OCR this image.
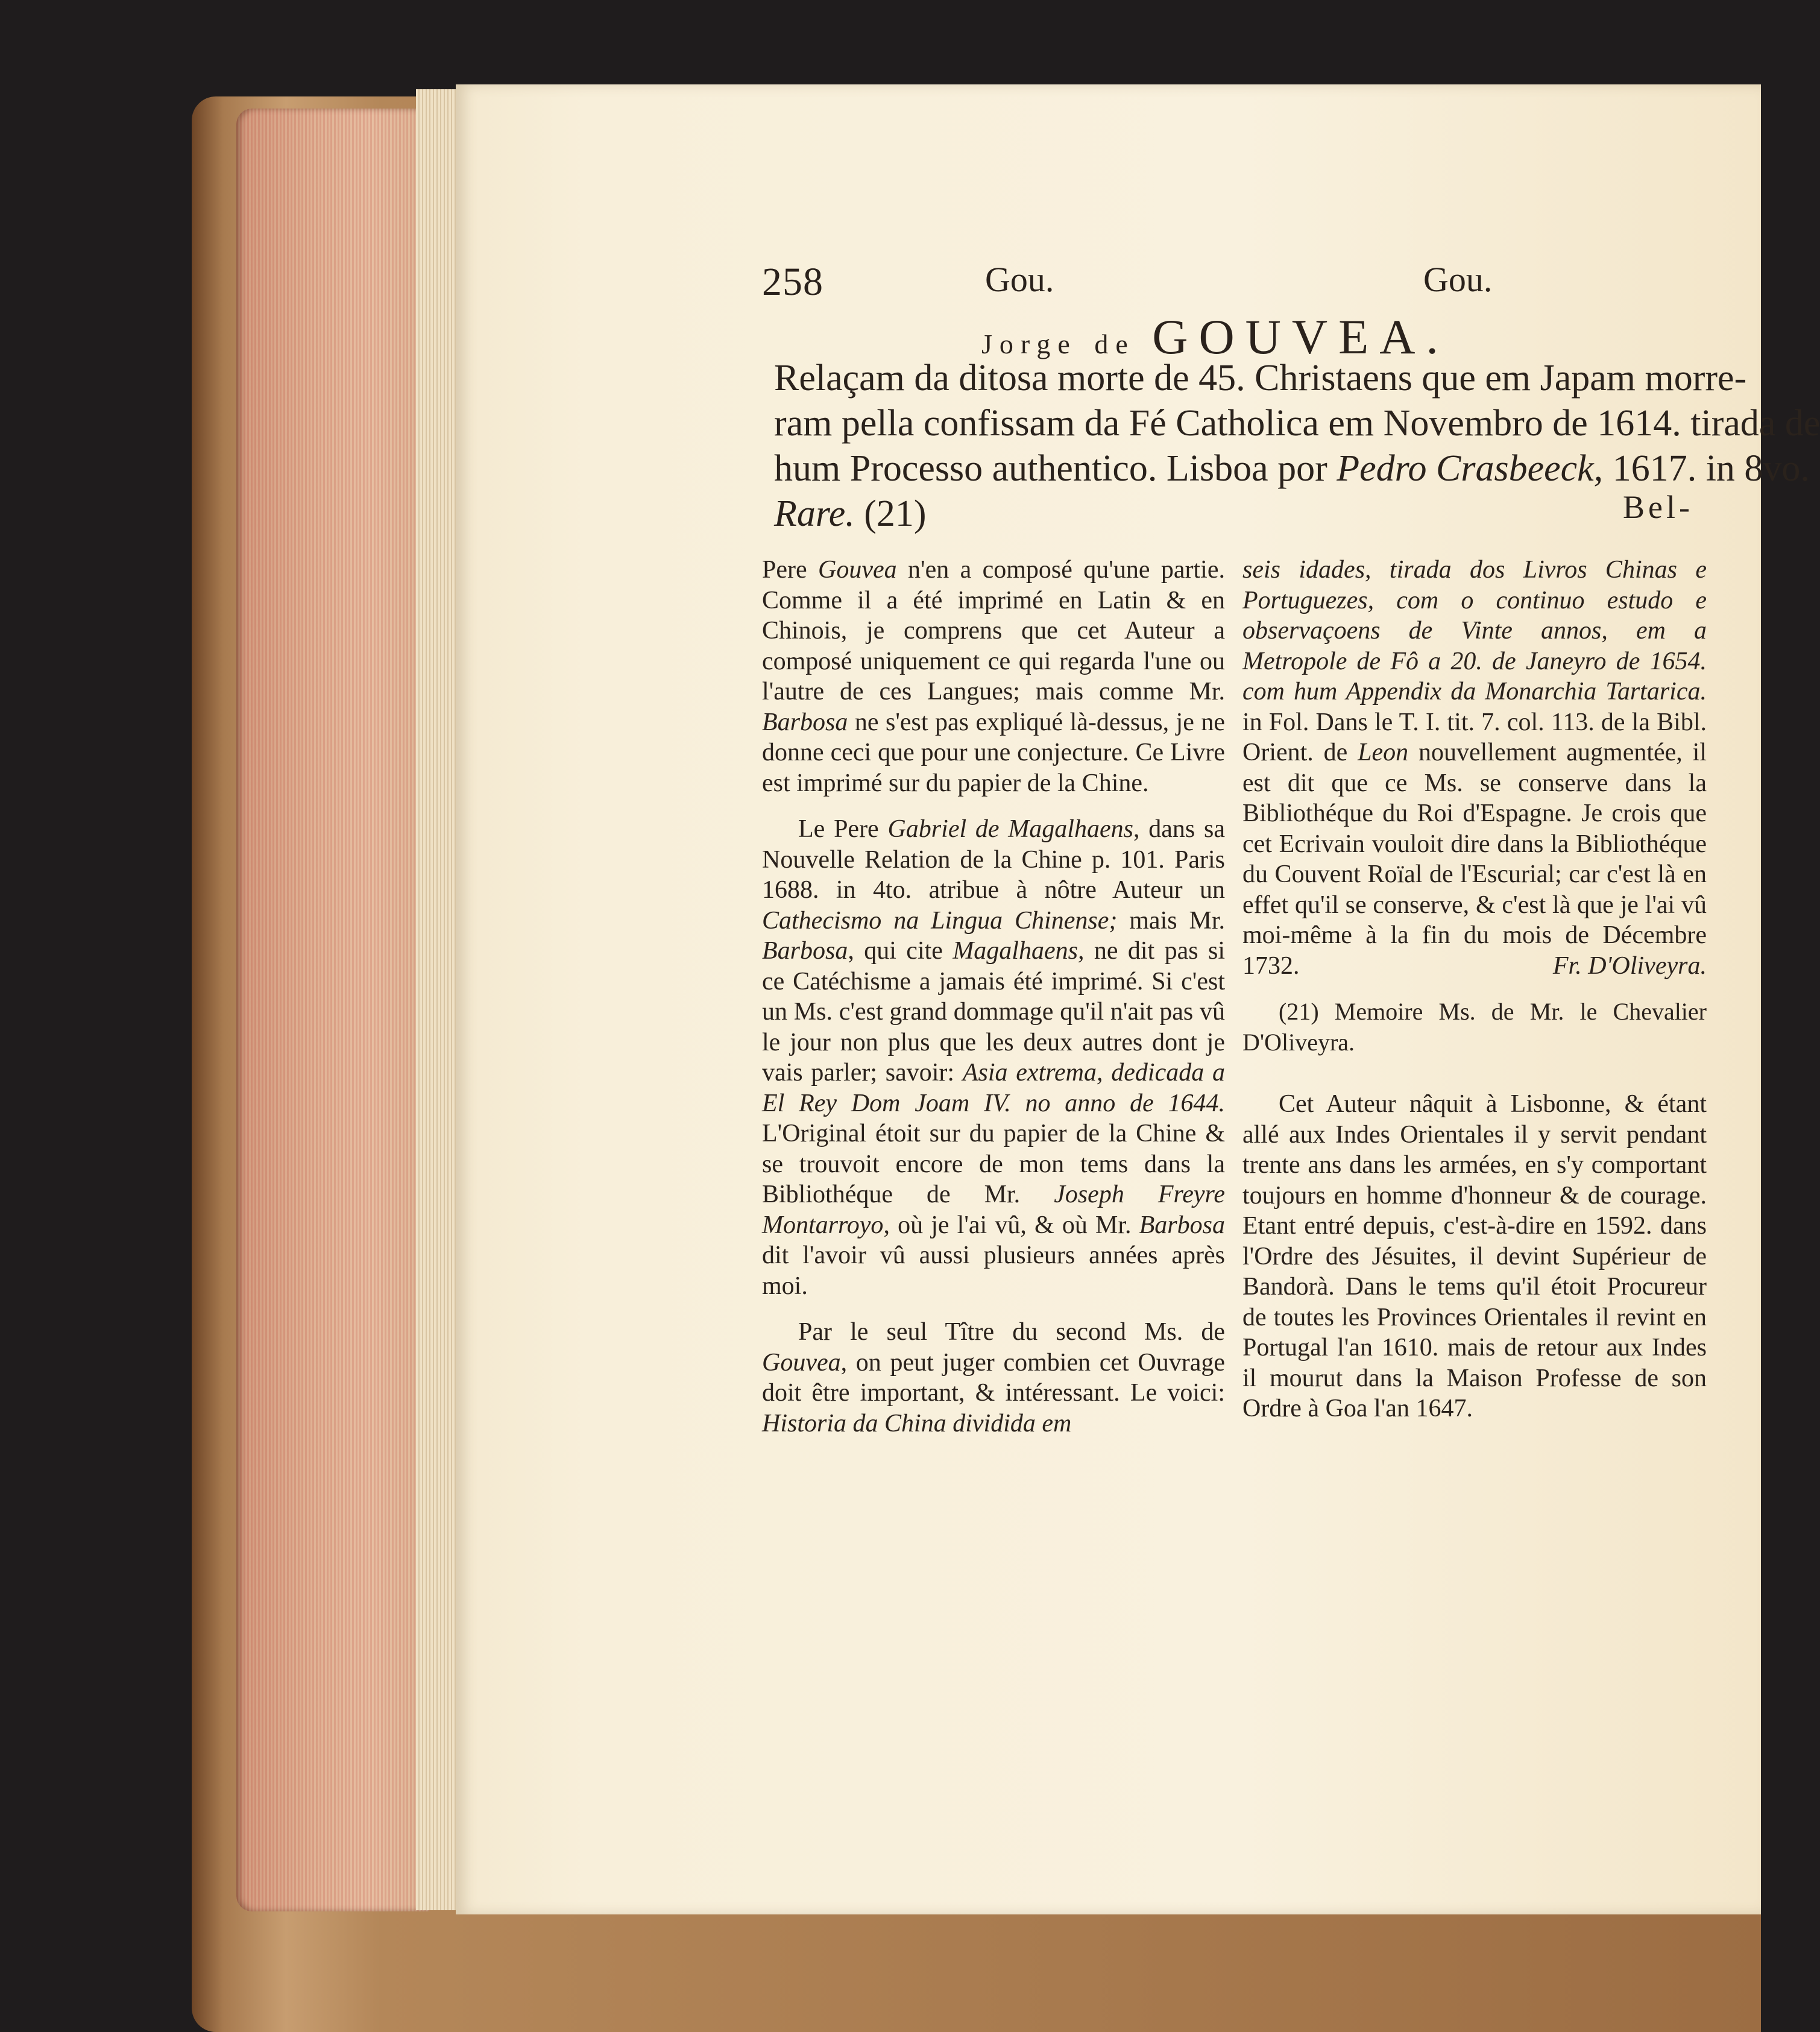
258	Gou.	Gou.
Jorge de GOUVEA.
Relaçam da ditosa morte de 45. Christaens que em Japam morre-
ram pella confissam da Fé Catholica em Novembro de 1614. tirada de
hum Processo authentico. Lisboa por Pedro Crasbeeck, 1617. in 8vo.
Rare. (21)	Bel-

Pere Gouvea n'en a composé qu'une partie. Comme il a été imprimé en Latin & en Chinois, je comprens que cet Auteur a composé uniquement ce qui regarda l'une ou l'autre de ces Langues; mais comme Mr. Barbosa ne s'est pas expliqué là-dessus, je ne donne ceci que pour une conjecture. Ce Livre est imprimé sur du papier de la Chine.

Le Pere Gabriel de Magalhaens, dans sa Nouvelle Relation de la Chine p. 101. Paris 1688. in 4to. atribue à nôtre Auteur un Cathecismo na Lingua Chinense; mais Mr. Barbosa, qui cite Magalhaens, ne dit pas si ce Catéchisme a jamais été imprimé. Si c'est un Ms. c'est grand dommage qu'il n'ait pas vû le jour non plus que les deux autres dont je vais parler; savoir: Asia extrema, dedicada a El Rey Dom Joam IV. no anno de 1644. L'Original étoit sur du papier de la Chine & se trouvoit encore de mon tems dans la Bibliothéque de Mr. Joseph Freyre Montarroyo, où je l'ai vû, & où Mr. Barbosa dit l'avoir vû aussi plusieurs années après moi.

Par le seul Tître du second Ms. de Gouvea, on peut juger combien cet Ouvrage doit être important, & intéressant. Le voici: Historia da China dividida em

seis idades, tirada dos Livros Chinas e Portuguezes, com o continuo estudo e observaçoens de Vinte annos, em a Metropole de Fô a 20. de Janeyro de 1654. com hum Appendix da Monarchia Tartarica. in Fol. Dans le T. I. tit. 7. col. 113. de la Bibl. Orient. de Leon nouvellement augmentée, il est dit que ce Ms. se conserve dans la Bibliothéque du Roi d'Espagne. Je crois que cet Ecrivain vouloit dire dans la Bibliothéque du Couvent Roïal de l'Escurial; car c'est là en effet qu'il se conserve, & c'est là que je l'ai vû moi-même à la fin du mois de Décembre 1732.	Fr. D'Oliveyra.

(21) Memoire Ms. de Mr. le Chevalier D'Oliveyra.

Cet Auteur nâquit à Lisbonne, & étant allé aux Indes Orientales il y servit pendant trente ans dans les armées, en s'y comportant toujours en homme d'honneur & de courage. Etant entré depuis, c'est-à-dire en 1592. dans l'Ordre des Jésuites, il devint Supérieur de Bandorà. Dans le tems qu'il étoit Procureur de toutes les Provinces Orientales il revint en Portugal l'an 1610. mais de retour aux Indes il mourut dans la Maison Professe de son Ordre à Goa l'an 1647.
